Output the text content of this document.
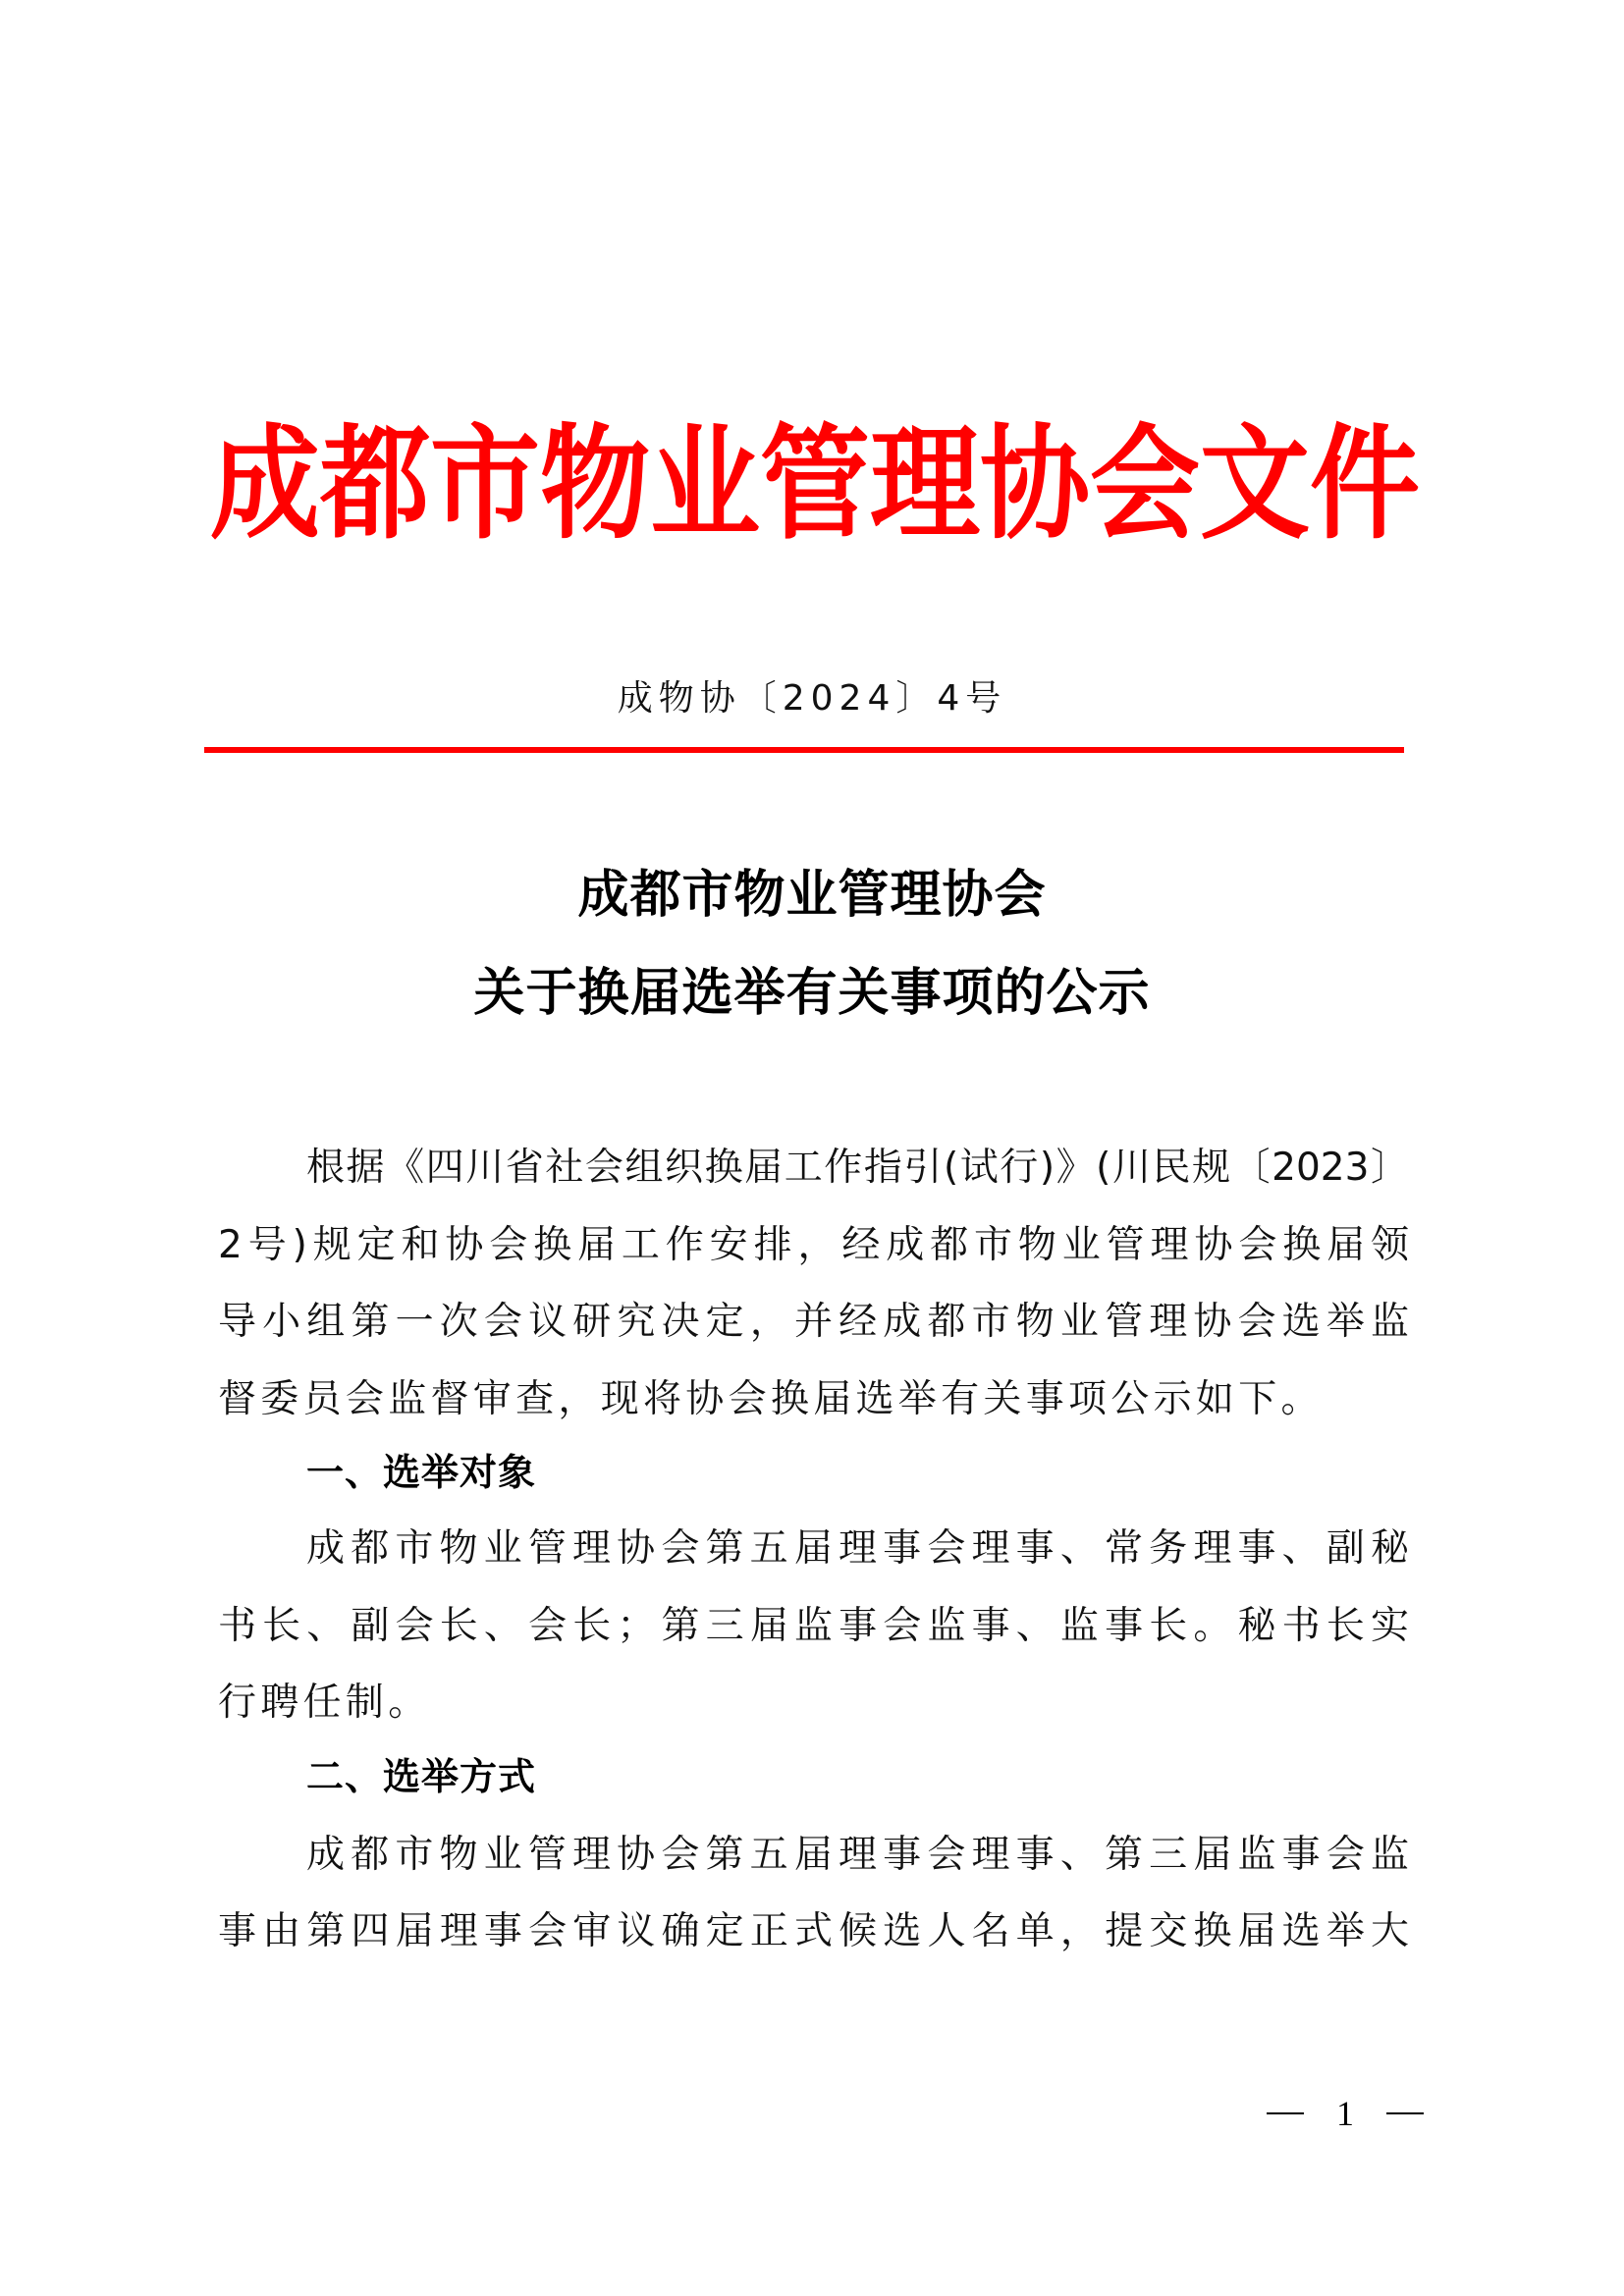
成 都 市 物 业 管 理 协 会 文 件
成物协〔2024〕4号
成都市物业管理协会
关于换届选举有关事项的公示
根据《四川省社会组织换届工作指引(试行)》(川民规〔2023〕
2号)规定和协会换届工作安排，经成都市物业管理协会换届领
导小组第一次会议研究决定，并经成都市物业管理协会选举监
督委员会监督审查，现将协会换届选举有关事项公示如下。
一、选举对象
成都市物业管理协会第五届理事会理事、常务理事、副秘
书长、副会长、会长；第三届监事会监事、监事长。秘书长实
行聘任制。
二、选举方式
成都市物业管理协会第五届理事会理事、第三届监事会监
事由第四届理事会审议确定正式候选人名单，提交换届选举大
1
